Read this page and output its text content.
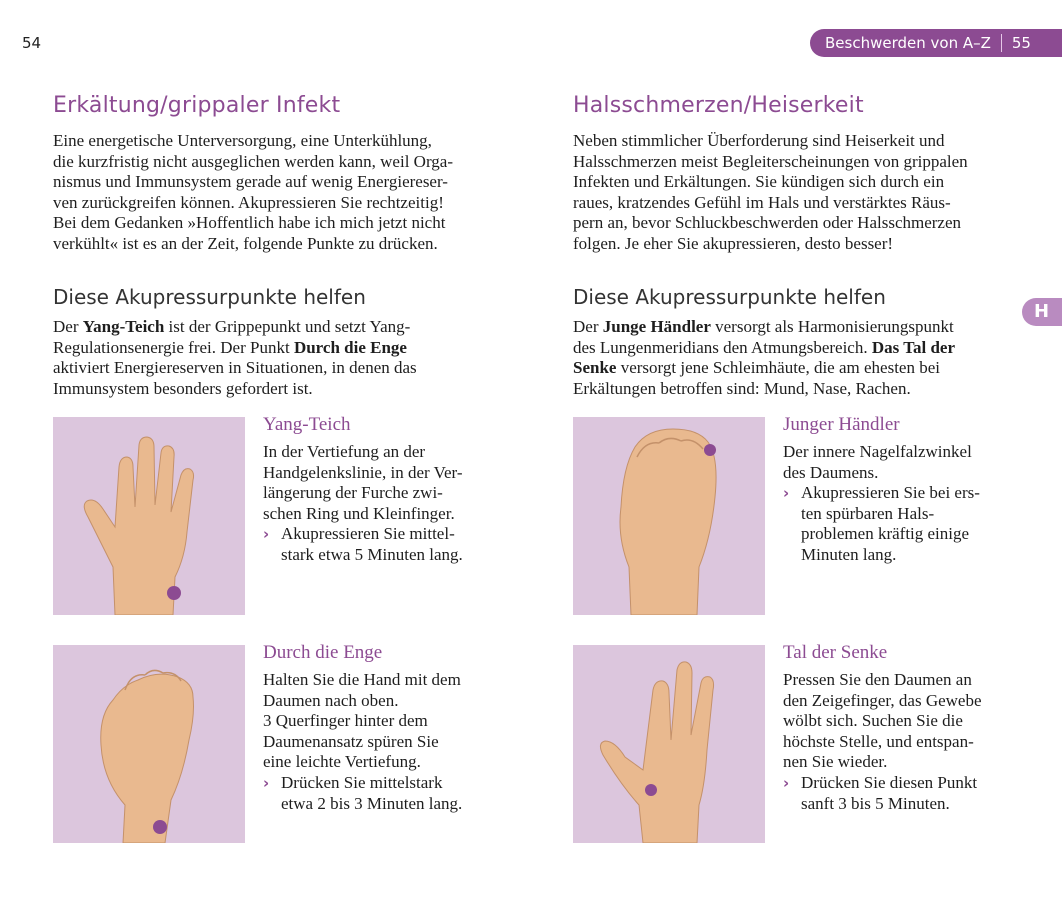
54	Beschwerden von A–Z 55
H
Erkältung/grippaler Infekt
Eine energetische Unterversorgung, eine Unterkühlung,
die kurzfristig nicht ausgeglichen werden kann, weil Orga-
nismus und Immunsystem gerade auf wenig Energiereser-
ven zurückgreifen können. Akupressieren Sie rechtzeitig!
Bei dem Gedanken »Hoffentlich habe ich mich jetzt nicht
verkühlt« ist es an der Zeit, folgende Punkte zu drücken.
Diese Akupressurpunkte helfen
Der Yang-Teich ist der Grippepunkt und setzt Yang-
Regulationsenergie frei. Der Punkt Durch die Enge
aktiviert Energiereserven in Situationen, in denen das
Immunsystem besonders gefordert ist.
Yang-Teich

In der Vertiefung an der
Handgelenkslinie, in der Ver-
längerung der Furche zwi-
schen Ring und Kleinfinger.

› Akupressieren Sie mittel-
stark etwa 5 Minuten lang.

Durch die Enge

Halten Sie die Hand mit dem
Daumen nach oben.
3 Querfinger hinter dem
Daumenansatz spüren Sie
eine leichte Vertiefung.

› Drücken Sie mittelstark
etwa 2 bis 3 Minuten lang.

Halsschmerzen/Heiserkeit
Neben stimmlicher Überforderung sind Heiserkeit und
Halsschmerzen meist Begleiterscheinungen von grippalen
Infekten und Erkältungen. Sie kündigen sich durch ein
raues, kratzendes Gefühl im Hals und verstärktes Räus-
pern an, bevor Schluckbeschwerden oder Halsschmerzen
folgen. Je eher Sie akupressieren, desto besser!
Diese Akupressurpunkte helfen
Der Junge Händler versorgt als Harmonisierungspunkt
des Lungenmeridians den Atmungsbereich. Das Tal der
Senke versorgt jene Schleimhäute, die am ehesten bei
Erkältungen betroffen sind: Mund, Nase, Rachen.
Junger Händler

Der innere Nagelfalzwinkel
des Daumens.

› Akupressieren Sie bei ers-
ten spürbaren Hals-
problemen kräftig einige
Minuten lang.

Tal der Senke

Pressen Sie den Daumen an
den Zeigefinger, das Gewebe
wölbt sich. Suchen Sie die
höchste Stelle, und entspan-
nen Sie wieder.

› Drücken Sie diesen Punkt
sanft 3 bis 5 Minuten.
